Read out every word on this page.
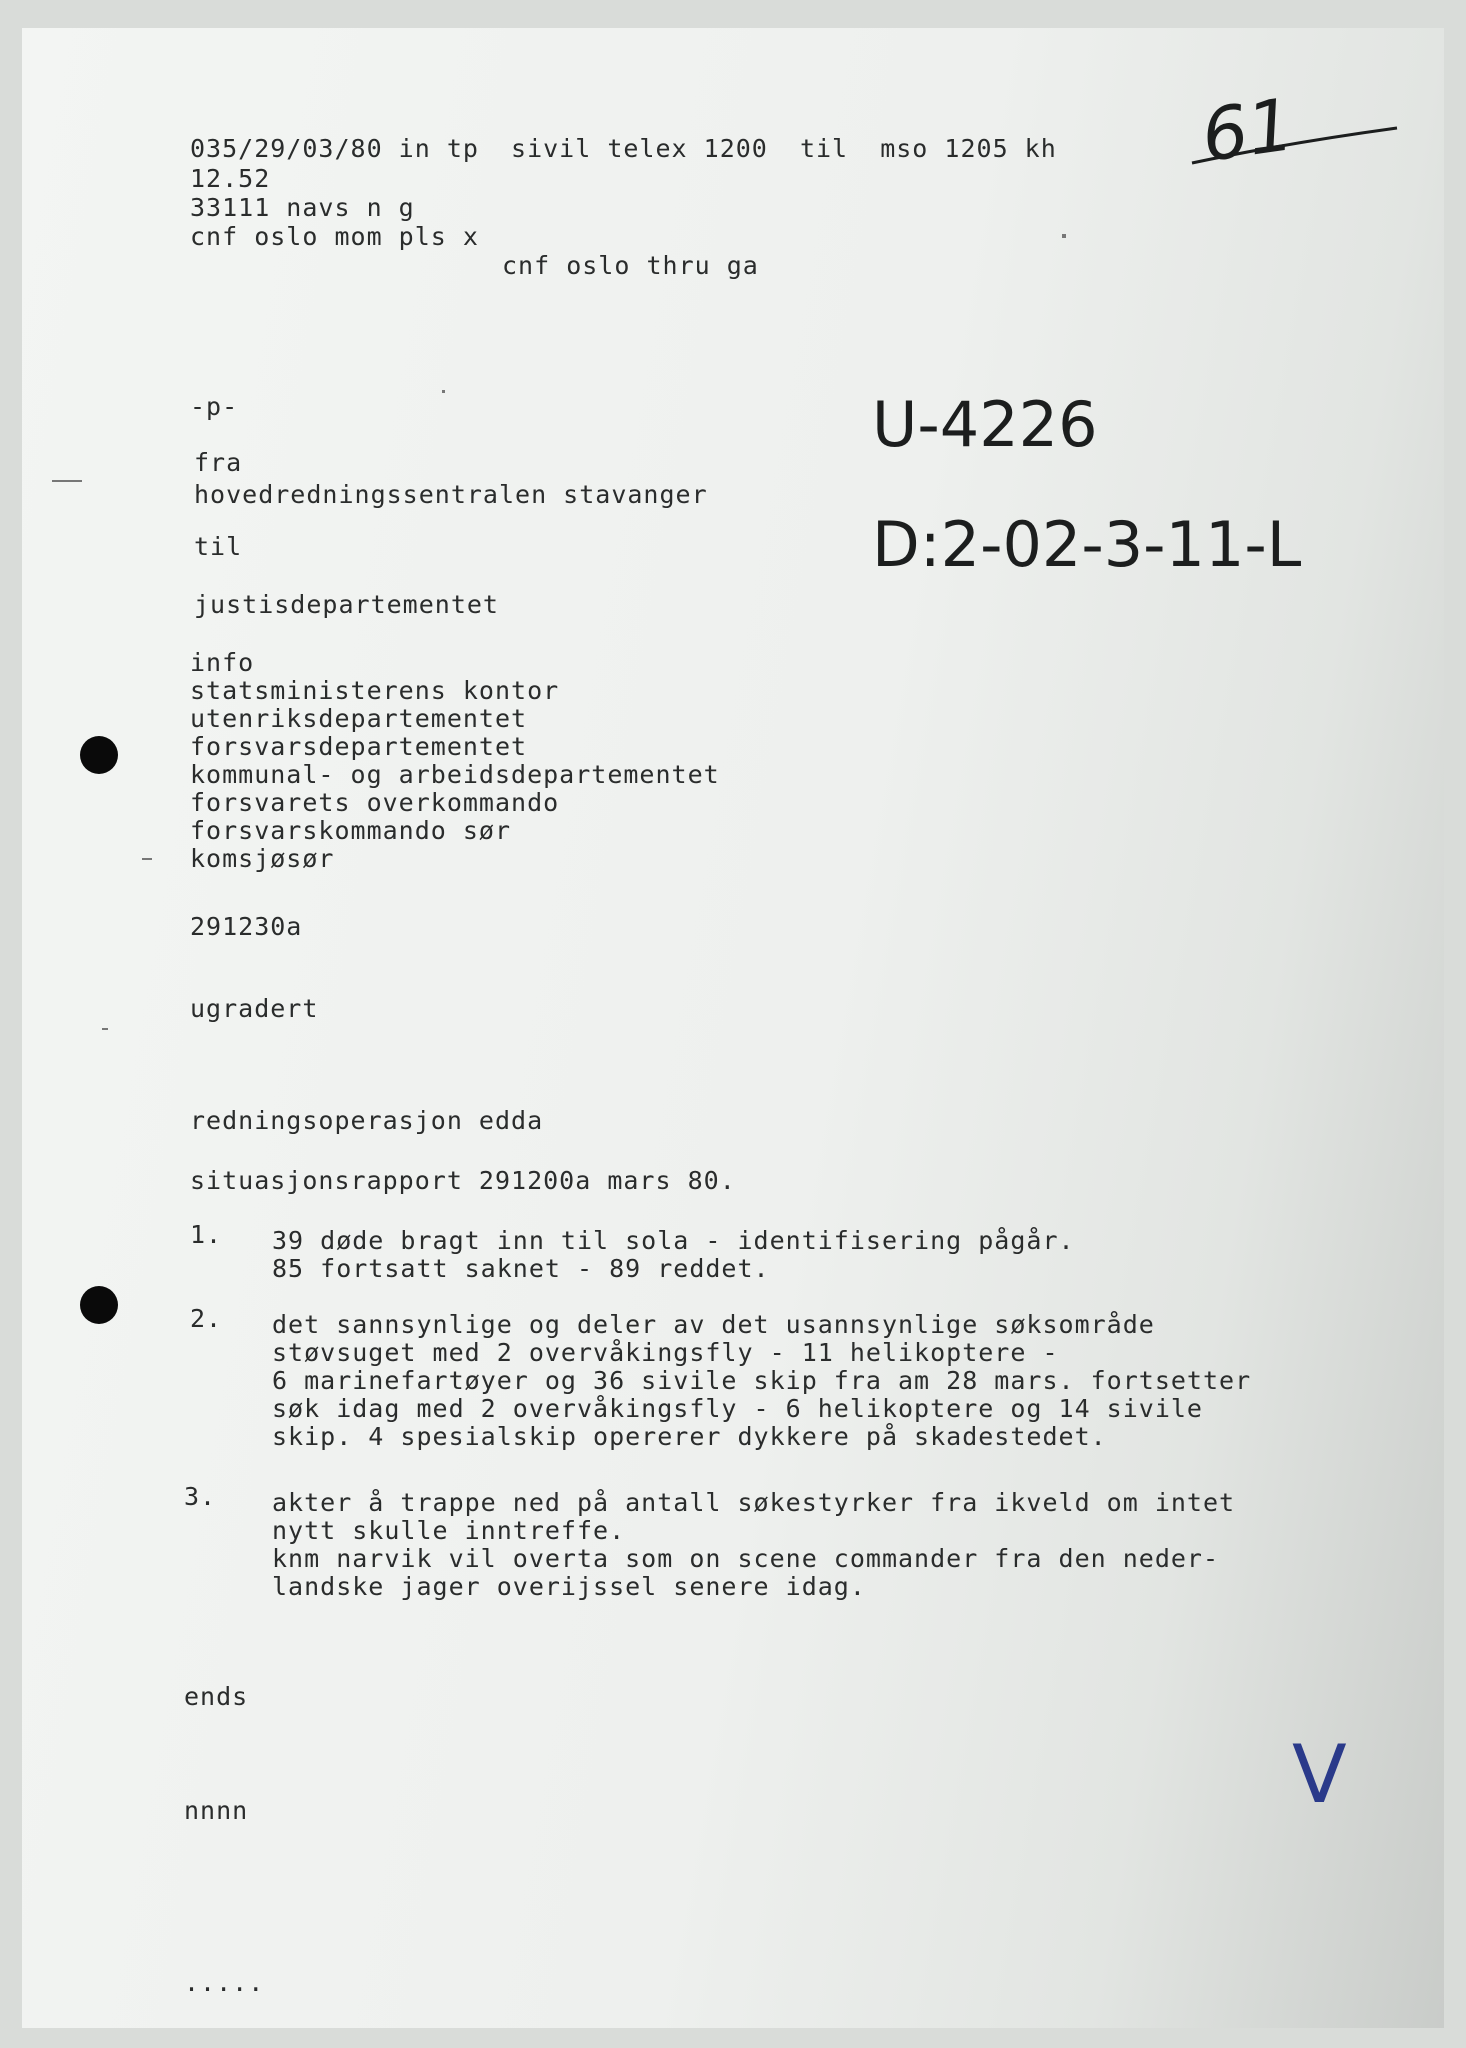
61
U-4226
D:2-02-3-11-L
V
035/29/03/80 in tp  sivil telex 1200  til  mso 1205 kh
12.52
33111 navs n g
cnf oslo mom pls x
cnf oslo thru ga
-p-
fra
hovedredningssentralen stavanger
til
justisdepartementet
info
statsministerens kontor
utenriksdepartementet
forsvarsdepartementet
kommunal- og arbeidsdepartementet
forsvarets overkommando
forsvarskommando sør
komsjøsør
291230a
ugradert
redningsoperasjon edda
situasjonsrapport 291200a mars 80.
1. 39 døde bragt inn til sola - identifisering pågår.
85 fortsatt saknet - 89 reddet.
2. det sannsynlige og deler av det usannsynlige søksområde
støvsuget med 2 overvåkingsfly - 11 helikoptere -
6 marinefartøyer og 36 sivile skip fra am 28 mars. fortsetter
søk idag med 2 overvåkingsfly - 6 helikoptere og 14 sivile
skip. 4 spesialskip opererer dykkere på skadestedet.
3. akter å trappe ned på antall søkestyrker fra ikveld om intet
nytt skulle inntreffe.
knm narvik vil overta som on scene commander fra den neder-
landske jager overijssel senere idag.
ends
nnnn
.....
